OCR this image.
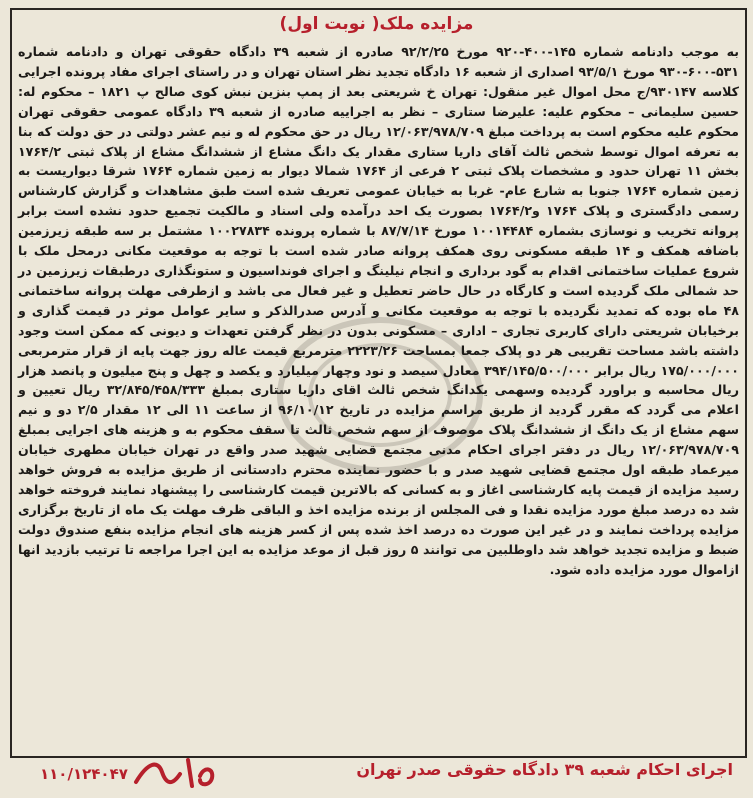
مزایده ملک( نوبت اول)

به موجب دادنامه شماره ۱۴۵-۴۰۰-۹۲۰ مورخ ۹۲/۲/۲۵ صادره از شعبه ۳۹ دادگاه حقوقی تهران و دادنامه شماره ۵۳۱-۶۰۰-۹۳۰ مورخ ۹۳/۵/۱ اصداری از شعبه ۱۶ دادگاه تجدید نظر استان تهران و در راستای اجرای مفاد پرونده اجرایی کلاسه ۹۳۰۱۴۷/ج محل اموال غیر منقول: تهران خ شریعتی بعد از پمپ بنزین نبش کوی صالح پ ۱۸۲۱ – محکوم له: حسین سلیمانی – محکوم علیه: علیرضا ستاری – نظر به اجراییه صادره از شعبه ۳۹ دادگاه عمومی حقوقی تهران محکوم علیه محکوم است به پرداخت مبلغ ۱۲/۰۶۳/۹۷۸/۷۰۹ ریال در حق محکوم له و نیم عشر دولتی در حق دولت که بنا به تعرفه اموال توسط شخص ثالث آقای داریا ستاری مقدار یک دانگ مشاع از ششدانگ مشاع از پلاک ثبتی ۱۷۶۴/۲ بخش ۱۱ تهران حدود و مشخصات پلاک ثبتی ۲ فرعی از ۱۷۶۴ شمالا دیوار به زمین شماره ۱۷۶۴ شرقا دیواریست به زمین شماره ۱۷۶۴ جنوبا به شارع عام- غربا به خیابان عمومی تعریف شده است طبق مشاهدات و گزارش کارشناس رسمی دادگستری و پلاک ۱۷۶۴ و۱۷۶۴/۲ بصورت یک احد درآمده ولی اسناد و مالکیت تجمیع حدود نشده است برابر پروانه تخریب و نوسازی بشماره ۱۰۰۱۴۴۸۴ مورخ ۸۷/۷/۱۴ با شماره پرونده ۱۰۰۲۷۸۳۴ مشتمل بر سه طبقه زیرزمین باضافه همکف و ۱۴ طبقه مسکونی روی همکف پروانه صادر شده است با توجه به موقعیت مکانی درمحل ملک با شروع عملیات ساختمانی اقدام به گود برداری و انجام نیلینگ و اجرای فونداسیون و ستونگذاری درطبقات زیرزمین در حد شمالی ملک گردیده است و کارگاه در حال حاضر تعطیل و غیر فعال می باشد و ازطرفی مهلت پروانه ساختمانی ۴۸ ماه بوده که تمدید نگردیده با توجه به موقعیت مکانی و آدرس صدرالذکر و سایر عوامل موثر در قیمت گذاری و برخیابان شریعتی دارای کاربری تجاری – اداری – مسکونی بدون در نظر گرفتن تعهدات و دیونی که ممکن است وجود داشته باشد مساحت تقریبی هر دو پلاک جمعا بمساحت ۲۲۲۳/۲۶ مترمربع قیمت عاله روز جهت پایه از قرار مترمربعی ۱۷۵/۰۰۰/۰۰۰ ریال برابر ۳۹۴/۱۴۵/۵۰۰/۰۰۰ معادل سیصد و نود وچهار میلیارد و یکصد و چهل و پنج میلیون و پانصد هزار ریال محاسبه و براورد گردیده وسهمی یکدانگ شخص ثالث اقای داریا ستاری بمبلغ ۳۲/۸۴۵/۴۵۸/۳۳۳ ریال تعیین و اعلام می گردد که مقرر گردید از طریق مراسم مزایده در تاریخ ۹۶/۱۰/۱۲ از ساعت ۱۱ الی ۱۲ مقدار ۲/۵ دو و نیم سهم مشاع از یک دانگ از ششدانگ پلاک موصوف از سهم شخص ثالث تا سقف محکوم به و هزینه های اجرایی بمبلغ ۱۲/۰۶۳/۹۷۸/۷۰۹ ریال در دفتر اجرای احکام مدنی مجتمع قضایی شهید صدر واقع در تهران خیابان مطهری خیابان میرعماد طبقه اول مجتمع قضایی شهید صدر و با حضور نماینده محترم دادستانی از طریق مزایده به فروش خواهد رسید مزایده از قیمت پایه کارشناسی اغاز و به کسانی که بالاترین قیمت کارشناسی را پیشنهاد نمایند فروخته خواهد شد ده درصد مبلغ مورد مزایده نقدا و فی المجلس از برنده مزایده اخذ و الباقی ظرف مهلت یک ماه از تاریخ برگزاری مزایده پرداخت نمایند و در غیر این صورت ده درصد اخذ شده پس از کسر هزینه های انجام مزایده بنفع صندوق دولت ضبط و مزایده تجدید خواهد شد داوطلبین می توانند ۵ روز قبل از موعد مزایده به این اجرا مراجعه تا ترتیب بازدید انها ازاموال مورد مزایده داده شود.

اجرای احکام شعبه ۳۹ دادگاه حقوقی صدر تهران
۱۱۰/۱۲۴۰۴۷
